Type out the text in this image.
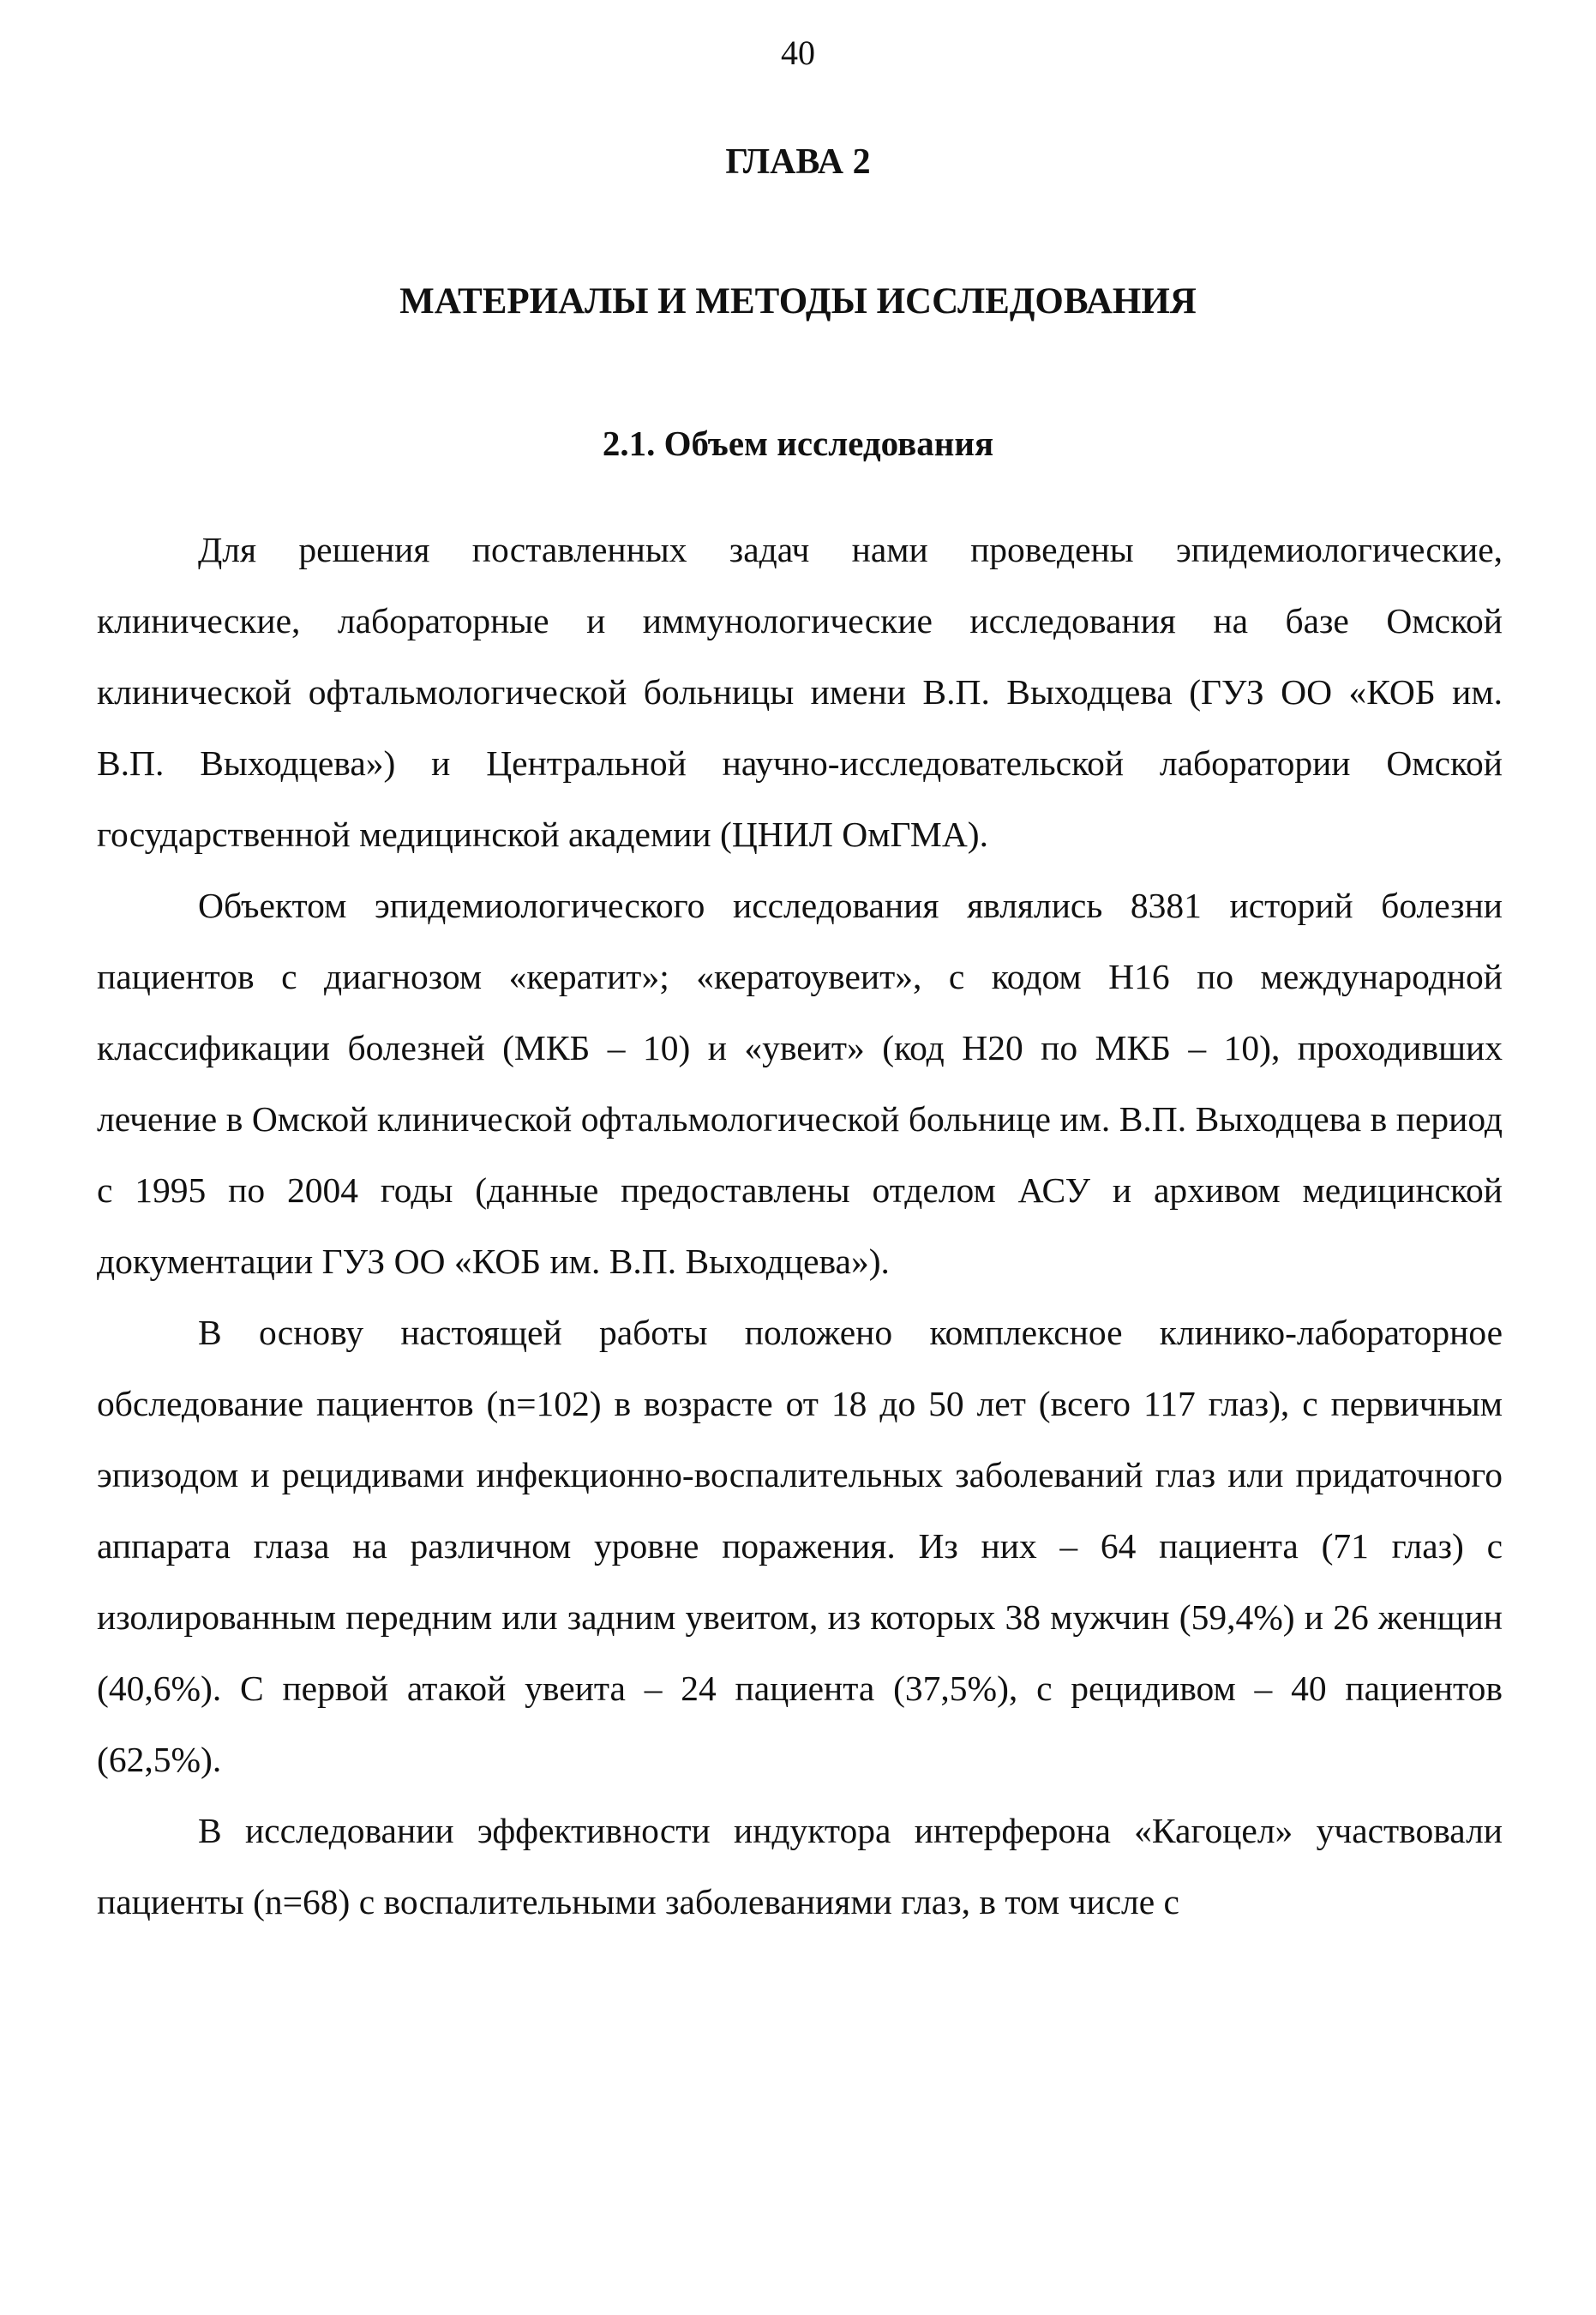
40
ГЛАВА 2
МАТЕРИАЛЫ И МЕТОДЫ ИССЛЕДОВАНИЯ
2.1. Объем исследования

Для решения поставленных задач нами проведены эпидемиологические, клинические, лабораторные и иммунологические исследования на базе Омской клинической офтальмологической больницы имени В.П. Выходцева (ГУЗ ОО «КОБ им. В.П. Выходцева») и Центральной научно-исследовательской лаборатории Омской государственной медицинской академии (ЦНИЛ ОмГМА).

Объектом эпидемиологического исследования являлись 8381 историй болезни пациентов с диагнозом «кератит»; «кератоувеит», с кодом Н16 по международной классификации болезней (МКБ – 10) и «увеит» (код Н20 по МКБ – 10), проходивших лечение в Омской клинической офтальмологической больнице им. В.П. Выходцева в период с 1995 по 2004 годы (данные предоставлены отделом АСУ и архивом медицинской документации ГУЗ ОО «КОБ им. В.П. Выходцева»).

В основу настоящей работы положено комплексное клинико-лабораторное обследование пациентов (n=102) в возрасте от 18 до 50 лет (всего 117 глаз), с первичным эпизодом и рецидивами инфекционно-воспалительных заболеваний глаз или придаточного аппарата глаза на различном уровне поражения. Из них – 64 пациента (71 глаз) с изолированным передним или задним увеитом, из которых 38 мужчин (59,4%) и 26 женщин (40,6%). С первой атакой увеита – 24 пациента (37,5%), с рецидивом – 40 пациентов (62,5%).

В исследовании эффективности индуктора интерферона «Кагоцел» участвовали пациенты (n=68) с воспалительными заболеваниями глаз, в том числе с
